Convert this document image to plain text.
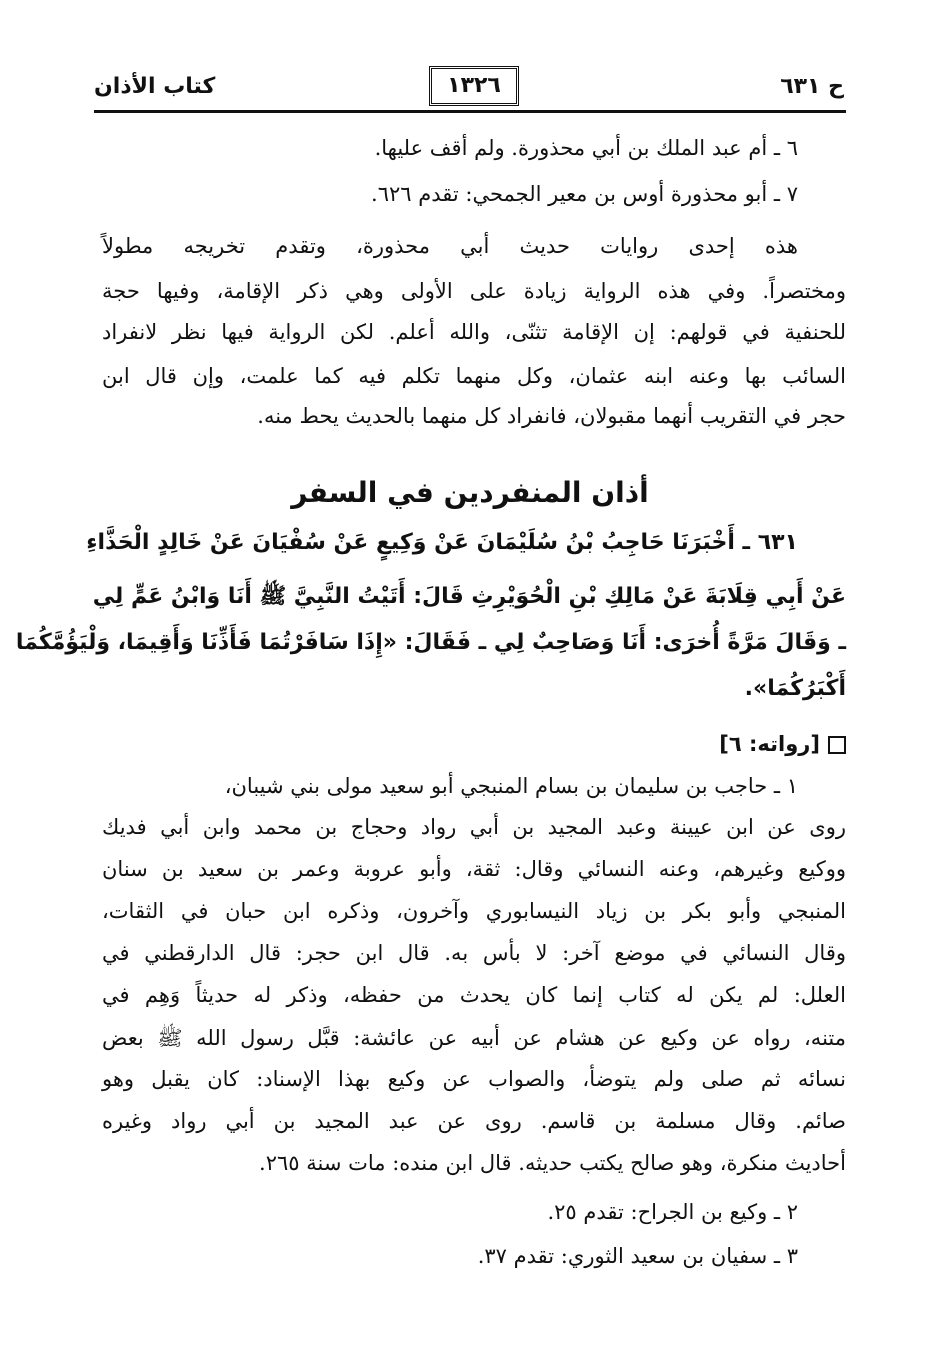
ح ٦٣١
١٣٢٦
كتاب الأذان
٦ ـ أم عبد الملك بن أبي محذورة. ولم أقف عليها.
٧ ـ أبو محذورة أوس بن معير الجمحي: تقدم ٦٢٦.
هذه إحدى روايات حديث أبي محذورة، وتقدم تخريجه مطولاً
ومختصراً. وفي هذه الرواية زيادة على الأولى وهي ذكر الإقامة، وفيها حجة
للحنفية في قولهم: إن الإقامة تثنّى، والله أعلم. لكن الرواية فيها نظر لانفراد
السائب بها وعنه ابنه عثمان، وكل منهما تكلم فيه كما علمت، وإن قال ابن
حجر في التقريب أنهما مقبولان، فانفراد كل منهما بالحديث يحط منه.
أذان المنفردين في السفر
٦٣١ ـ أَخْبَرَنَا حَاجِبُ بْنُ سُلَيْمَانَ عَنْ وَكِيعٍ عَنْ سُفْيَانَ عَنْ خَالِدٍ الْحَذَّاءِ
عَنْ أَبِي قِلَابَةَ عَنْ مَالِكِ بْنِ الْحُوَيْرِثِ قَالَ: أَتَيْتُ النَّبِيَّ ﷺ أَنَا وَابْنُ عَمٍّ لِي
ـ وَقَالَ مَرَّةً أُخرَى: أَنَا وَصَاحِبٌ لِي ـ فَقَالَ: «إِذَا سَافَرْتُمَا فَأَذِّنَا وَأَقِيمَا، وَلْيَؤُمَّكُمَا
أَكْبَرُكُمَا».
[رواته: ٦]
١ ـ حاجب بن سليمان بن بسام المنبجي أبو سعيد مولى بني شيبان،
روى عن ابن عيينة وعبد المجيد بن أبي رواد وحجاج بن محمد وابن أبي فديك
ووكيع وغيرهم، وعنه النسائي وقال: ثقة، وأبو عروبة وعمر بن سعيد بن سنان
المنبجي وأبو بكر بن زياد النيسابوري وآخرون، وذكره ابن حبان في الثقات،
وقال النسائي في موضع آخر: لا بأس به. قال ابن حجر: قال الدارقطني في
العلل: لم يكن له كتاب إنما كان يحدث من حفظه، وذكر له حديثاً وَهِم في
متنه، رواه عن وكيع عن هشام عن أبيه عن عائشة: قبَّل رسول الله ﷺ بعض
نسائه ثم صلى ولم يتوضأ، والصواب عن وكيع بهذا الإسناد: كان يقبل وهو
صائم. وقال مسلمة بن قاسم. روى عن عبد المجيد بن أبي رواد وغيره
أحاديث منكرة، وهو صالح يكتب حديثه. قال ابن منده: مات سنة ٢٦٥.
٢ ـ وكيع بن الجراح: تقدم ٢٥.
٣ ـ سفيان بن سعيد الثوري: تقدم ٣٧.
